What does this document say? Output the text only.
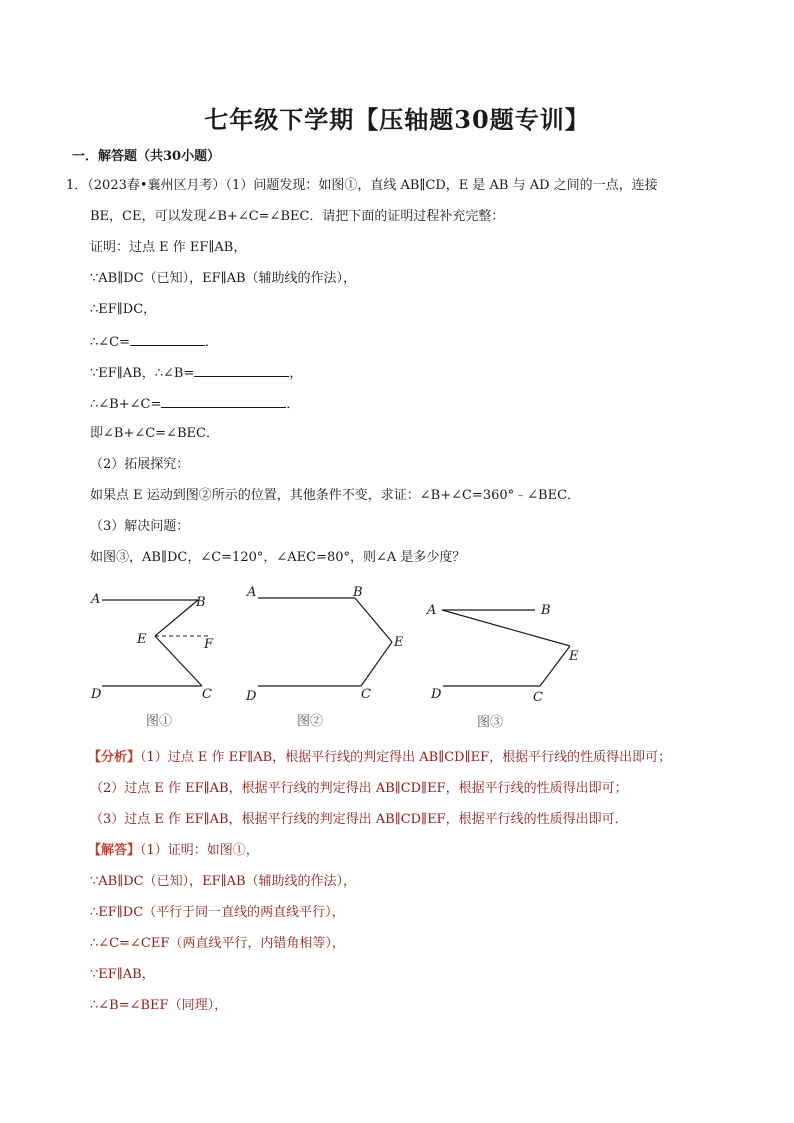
七年级下学期【压轴题30题专训】
一．解答题（共30小题）
1．（2023春•襄州区月考）（1）问题发现：如图①，直线 AB∥CD，E 是 AB 与 AD 之间的一点，连接
BE，CE，可以发现∠B+∠C=∠BEC．请把下面的证明过程补充完整：
证明：过点 E 作 EF∥AB，
∵AB∥DC（已知），EF∥AB（辅助线的作法），
∴EF∥DC，
∴∠C=	．
∵EF∥AB，∴∠B=	，
∴∠B+∠C=	．
即∠B+∠C=∠BEC．
（2）拓展探究：
如果点 E 运动到图②所示的位置，其他条件不变，求证：∠B+∠C=360°﹣∠BEC．
（3）解决问题：
如图③，AB∥DC，∠C=120°，∠AEC=80°，则∠A 是多少度？
A	B
E	F
D	C
图①
A	B
E
D	C
图②
A	B
E
D	C
图③
【分析】（1）过点 E 作 EF∥AB，根据平行线的判定得出 AB∥CD∥EF，根据平行线的性质得出即可；
（2）过点 E 作 EF∥AB，根据平行线的判定得出 AB∥CD∥EF，根据平行线的性质得出即可；
（3）过点 E 作 EF∥AB，根据平行线的判定得出 AB∥CD∥EF，根据平行线的性质得出即可．
【解答】（1）证明：如图①，
∵AB∥DC（已知），EF∥AB（辅助线的作法），
∴EF∥DC（平行于同一直线的两直线平行），
∴∠C=∠CEF（两直线平行，内错角相等），
∵EF∥AB，
∴∠B=∠BEF（同理），
